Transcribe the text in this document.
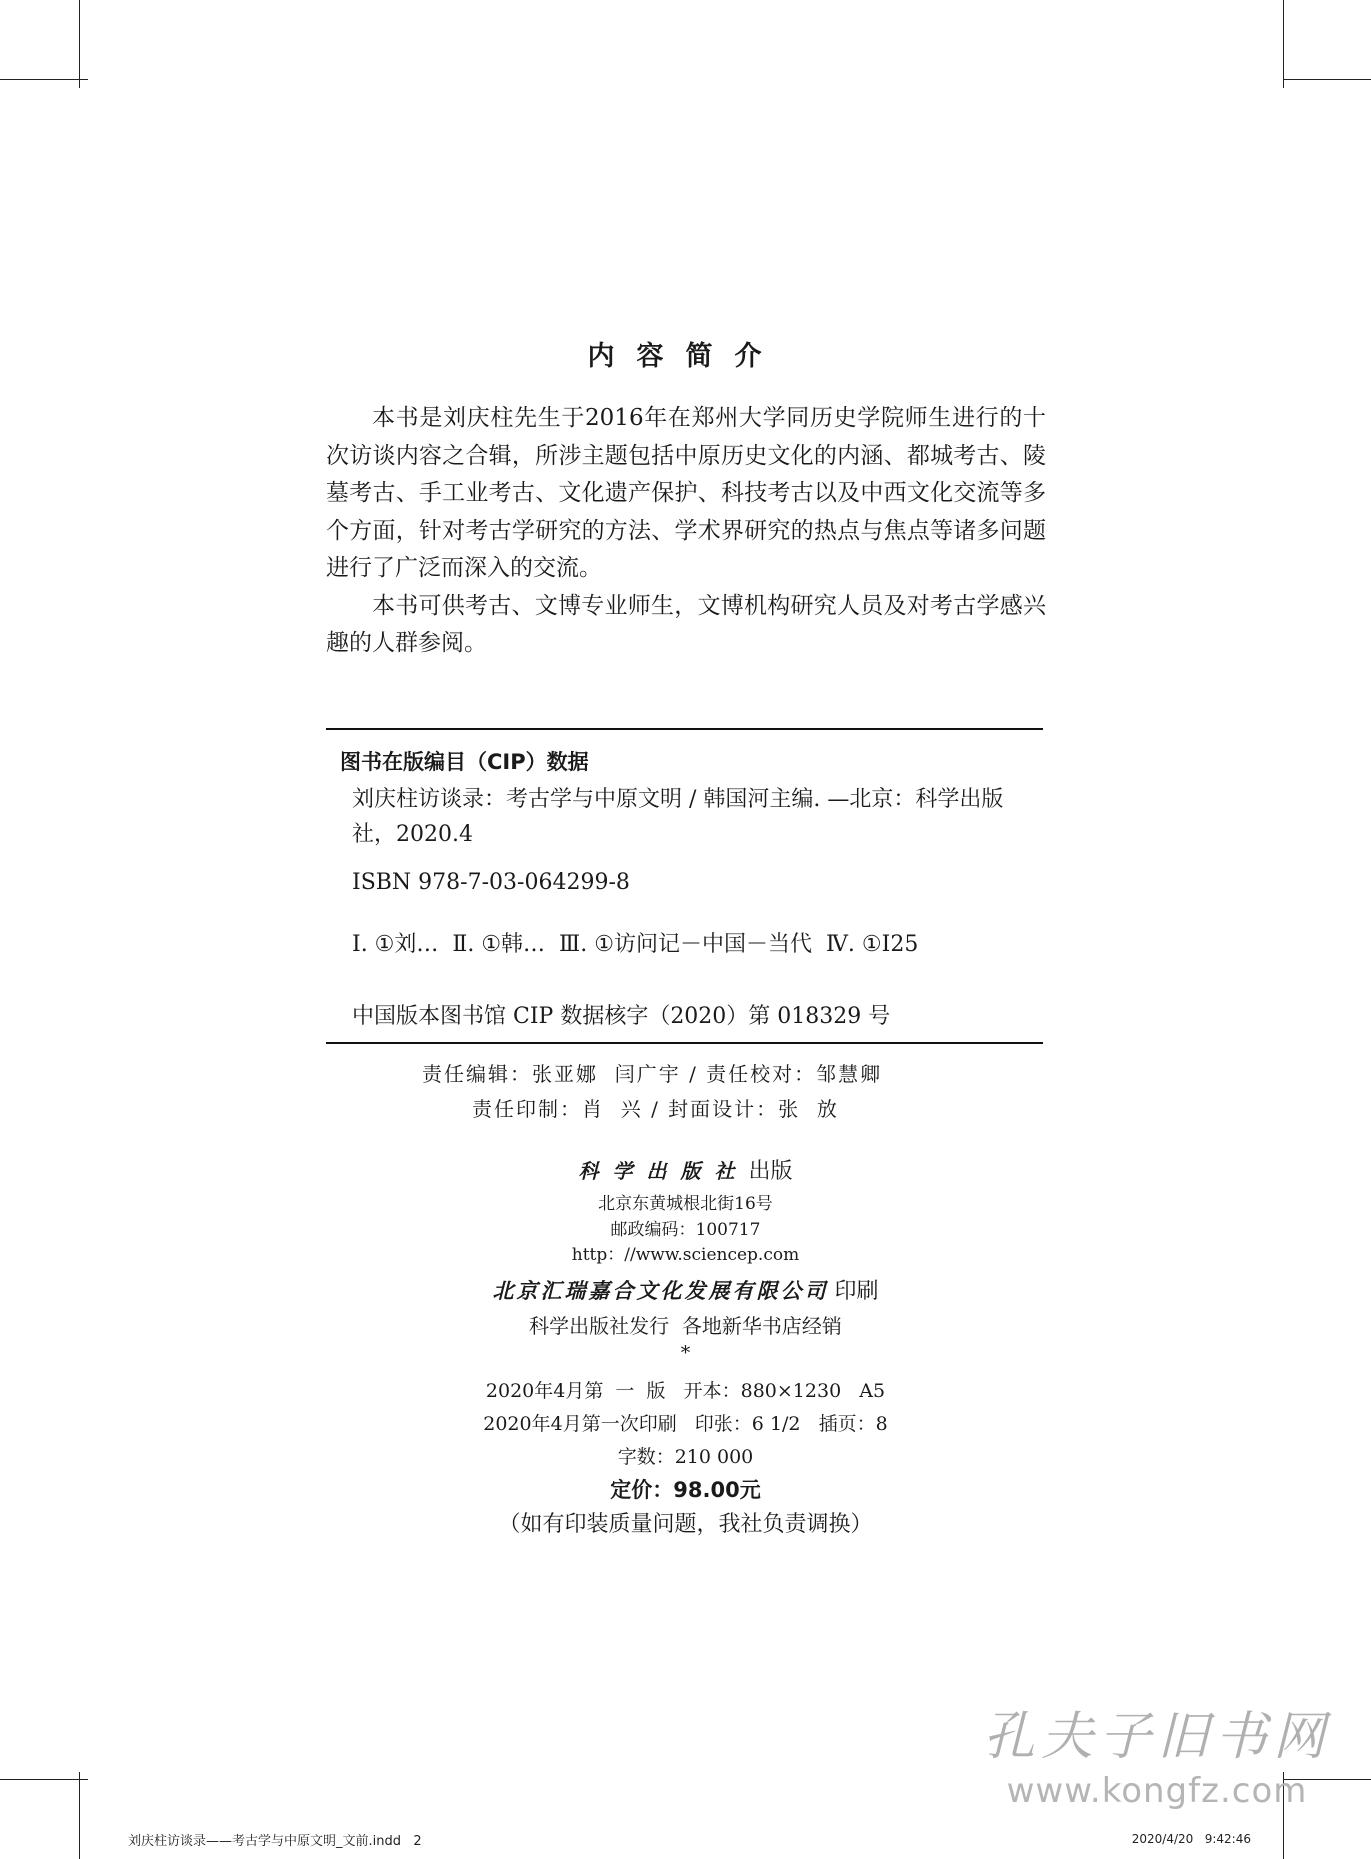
内容简介

本书是刘庆柱先生于2016年在郑州大学同历史学院师生进行的十次访谈内容之合辑，所涉主题包括中原历史文化的内涵、都城考古、陵墓考古、手工业考古、文化遗产保护、科技考古以及中西文化交流等多个方面，针对考古学研究的方法、学术界研究的热点与焦点等诸多问题进行了广泛而深入的交流。

本书可供考古、文博专业师生，文博机构研究人员及对考古学感兴趣的人群参阅。

图书在版编目（CIP）数据
刘庆柱访谈录：考古学与中原文明 / 韩国河主编. —北京：科学出版社，2020.4
ISBN 978-7-03-064299-8
Ⅰ. ①刘…  Ⅱ. ①韩…  Ⅲ. ①访问记－中国－当代  Ⅳ. ①I25
中国版本图书馆 CIP 数据核字（2020）第 018329 号
责任编辑：张亚娜  闫广宇 / 责任校对：邹慧卿
责任印制：肖  兴 / 封面设计：张  放
科学出版社出版
北京东黄城根北街16号
邮政编码：100717
http：//www.sciencep.com
北京汇瑞嘉合文化发展有限公司 印刷
科学出版社发行  各地新华书店经销
*
2020年4月第  一  版   开本：880×1230   A5
2020年4月第一次印刷   印张：6 1/2   插页：8
字数：210 000
定价：98.00元
（如有印装质量问题，我社负责调换）
孔夫子旧书网
www.kongfz.com
刘庆柱访谈录——考古学与中原文明_文前.indd   2	2020/4/20   9:42:46
